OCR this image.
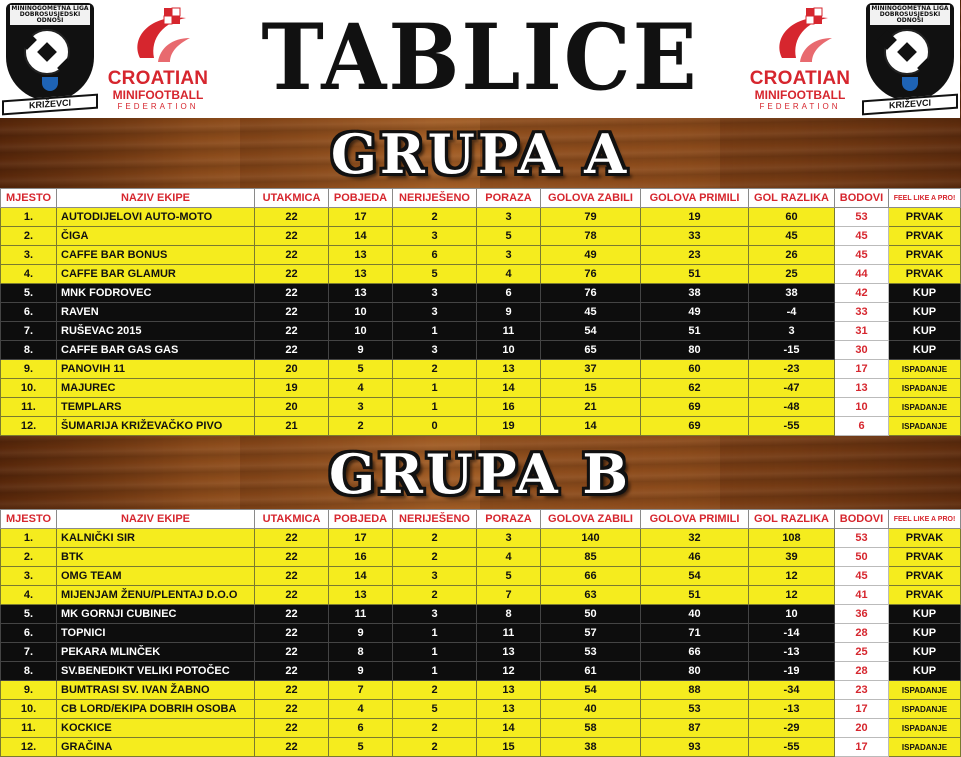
MININOGOMETNA LIGA DOBROSUSJEDSKI ODNOSI
KRIŽEVCI
CROATIAN
MINIFOOTBALL
FEDERATION TABLICE	CROATIAN
MINIFOOTBALL
FEDERATION
MININOGOMETNA LIGA DOBROSUSJEDSKI ODNOSI
KRIŽEVCI
GRUPA A
MJESTO	NAZIV EKIPE	UTAKMICA	POBJEDA	NERIJEŠENO	PORAZA	GOLOVA ZABILI	GOLOVA PRIMILI	GOL RAZLIKA	BODOVI	FEEL LIKE A PRO!
1.	AUTODIJELOVI AUTO-MOTO	22	17	2	3	79	19	60	53	PRVAK
2.	ČIGA	22	14	3	5	78	33	45	45	PRVAK
3.	CAFFE BAR BONUS	22	13	6	3	49	23	26	45	PRVAK
4.	CAFFE BAR GLAMUR	22	13	5	4	76	51	25	44	PRVAK
5.	MNK FODROVEC	22	13	3	6	76	38	38	42	KUP
6.	RAVEN	22	10	3	9	45	49	-4	33	KUP
7.	RUŠEVAC 2015	22	10	1	11	54	51	3	31	KUP
8.	CAFFE BAR GAS GAS	22	9	3	10	65	80	-15	30	KUP
9.	PANOVIH 11	20	5	2	13	37	60	-23	17	ISPADANJE
10.	MAJUREC	19	4	1	14	15	62	-47	13	ISPADANJE
11.	TEMPLARS	20	3	1	16	21	69	-48	10	ISPADANJE
12.	ŠUMARIJA KRIŽEVAČKO PIVO	21	2	0	19	14	69	-55	6	ISPADANJE
GRUPA B
MJESTO	NAZIV EKIPE	UTAKMICA	POBJEDA	NERIJEŠENO	PORAZA	GOLOVA ZABILI	GOLOVA PRIMILI	GOL RAZLIKA	BODOVI	FEEL LIKE A PRO!
1.	KALNIČKI SIR	22	17	2	3	140	32	108	53	PRVAK
2.	BTK	22	16	2	4	85	46	39	50	PRVAK
3.	OMG TEAM	22	14	3	5	66	54	12	45	PRVAK
4.	MIJENJAM ŽENU/PLENTAJ D.O.O	22	13	2	7	63	51	12	41	PRVAK
5.	MK GORNJI CUBINEC	22	11	3	8	50	40	10	36	KUP
6.	TOPNICI	22	9	1	11	57	71	-14	28	KUP
7.	PEKARA MLINČEK	22	8	1	13	53	66	-13	25	KUP
8.	SV.BENEDIKT VELIKI POTOČEC	22	9	1	12	61	80	-19	28	KUP
9.	BUMTRASI SV. IVAN ŽABNO	22	7	2	13	54	88	-34	23	ISPADANJE
10.	CB LORD/EKIPA DOBRIH OSOBA	22	4	5	13	40	53	-13	17	ISPADANJE
11.	KOCKICE	22	6	2	14	58	87	-29	20	ISPADANJE
12.	GRAČINA	22	5	2	15	38	93	-55	17	ISPADANJE
